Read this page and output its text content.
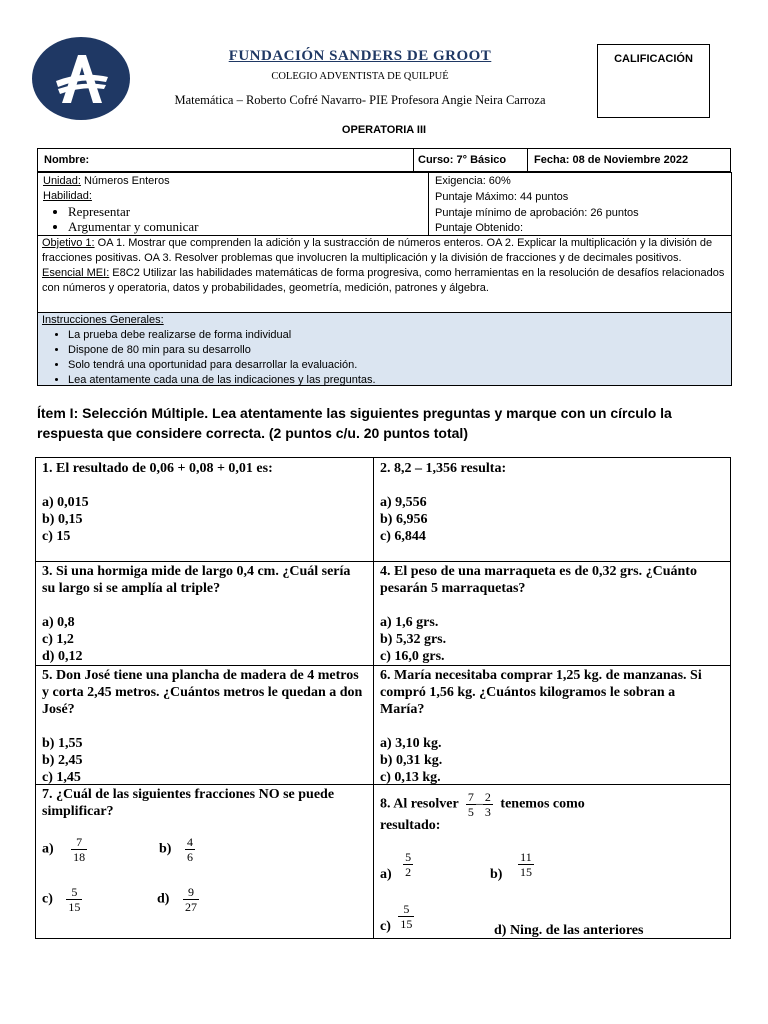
FUNDACIÓN SANDERS DE GROOT
COLEGIO ADVENTISTA DE QUILPUÉ
Matemática – Roberto Cofré Navarro- PIE Profesora Angie Neira Carroza
CALIFICACIÓN
OPERATORIA III
Nombre:	Curso: 7° Básico	Fecha: 08 de Noviembre 2022
Unidad: Números Enteros
Habilidad:
• Representar
• Argumentar y comunicar
Exigencia: 60%
Puntaje Máximo: 44 puntos
Puntaje mínimo de aprobación: 26 puntos
Puntaje Obtenido:
Objetivo 1: OA 1. Mostrar que comprenden la adición y la sustracción de números enteros. OA 2. Explicar la multiplicación y la división de fracciones positivas. OA 3. Resolver problemas que involucren la multiplicación y la división de fracciones y de decimales positivos.
Esencial MEI: E8C2 Utilizar las habilidades matemáticas de forma progresiva, como herramientas en la resolución de desafíos relacionados con números y operatoria, datos y probabilidades, geometría, medición, patrones y álgebra.
Instrucciones Generales:
• La prueba debe realizarse de forma individual
• Dispone de 80 min para su desarrollo
• Solo tendrá una oportunidad para desarrollar la evaluación.
• Lea atentamente cada una de las indicaciones y las preguntas.
Ítem I: Selección Múltiple. Lea atentamente las siguientes preguntas y marque con un círculo la respuesta que considere correcta. (2 puntos c/u. 20 puntos total)
1. El resultado de 0,06 + 0,08 + 0,01 es:
a) 0,015
b) 0,15
c) 15
2. 8,2 – 1,356 resulta:
a) 9,556
b) 6,956
c) 6,844
3. Si una hormiga mide de largo 0,4 cm. ¿Cuál sería su largo si se amplía al triple?
a) 0,8
c) 1,2
d) 0,12
4. El peso de una marraqueta es de 0,32 grs. ¿Cuánto pesarán 5 marraquetas?
a) 1,6 grs.
b) 5,32 grs.
c) 16,0 grs.
5. Don José tiene una plancha de madera de 4 metros y corta 2,45 metros. ¿Cuántos metros le quedan a don José?
b) 1,55
b) 2,45
c) 1,45
6. María necesitaba comprar 1,25 kg. de manzanas. Si compró 1,56 kg. ¿Cuántos kilogramos le sobran a María?
a) 3,10 kg.
b) 0,31 kg.
c) 0,13 kg.
7. ¿Cuál de las siguientes fracciones NO se puede simplificar?
$a) \frac{7}{18}$	$b) \frac{4}{6}$
$c) \frac{5}{15}$	$d) \frac{9}{27}$
8. Al resolver $\frac{7}{5} - \frac{2}{3}$ tenemos como
resultado:
$a) \frac{5}{2}$	$b) \frac{11}{15}$
$c) \frac{5}{15}$	d) Ning. de las anteriores
